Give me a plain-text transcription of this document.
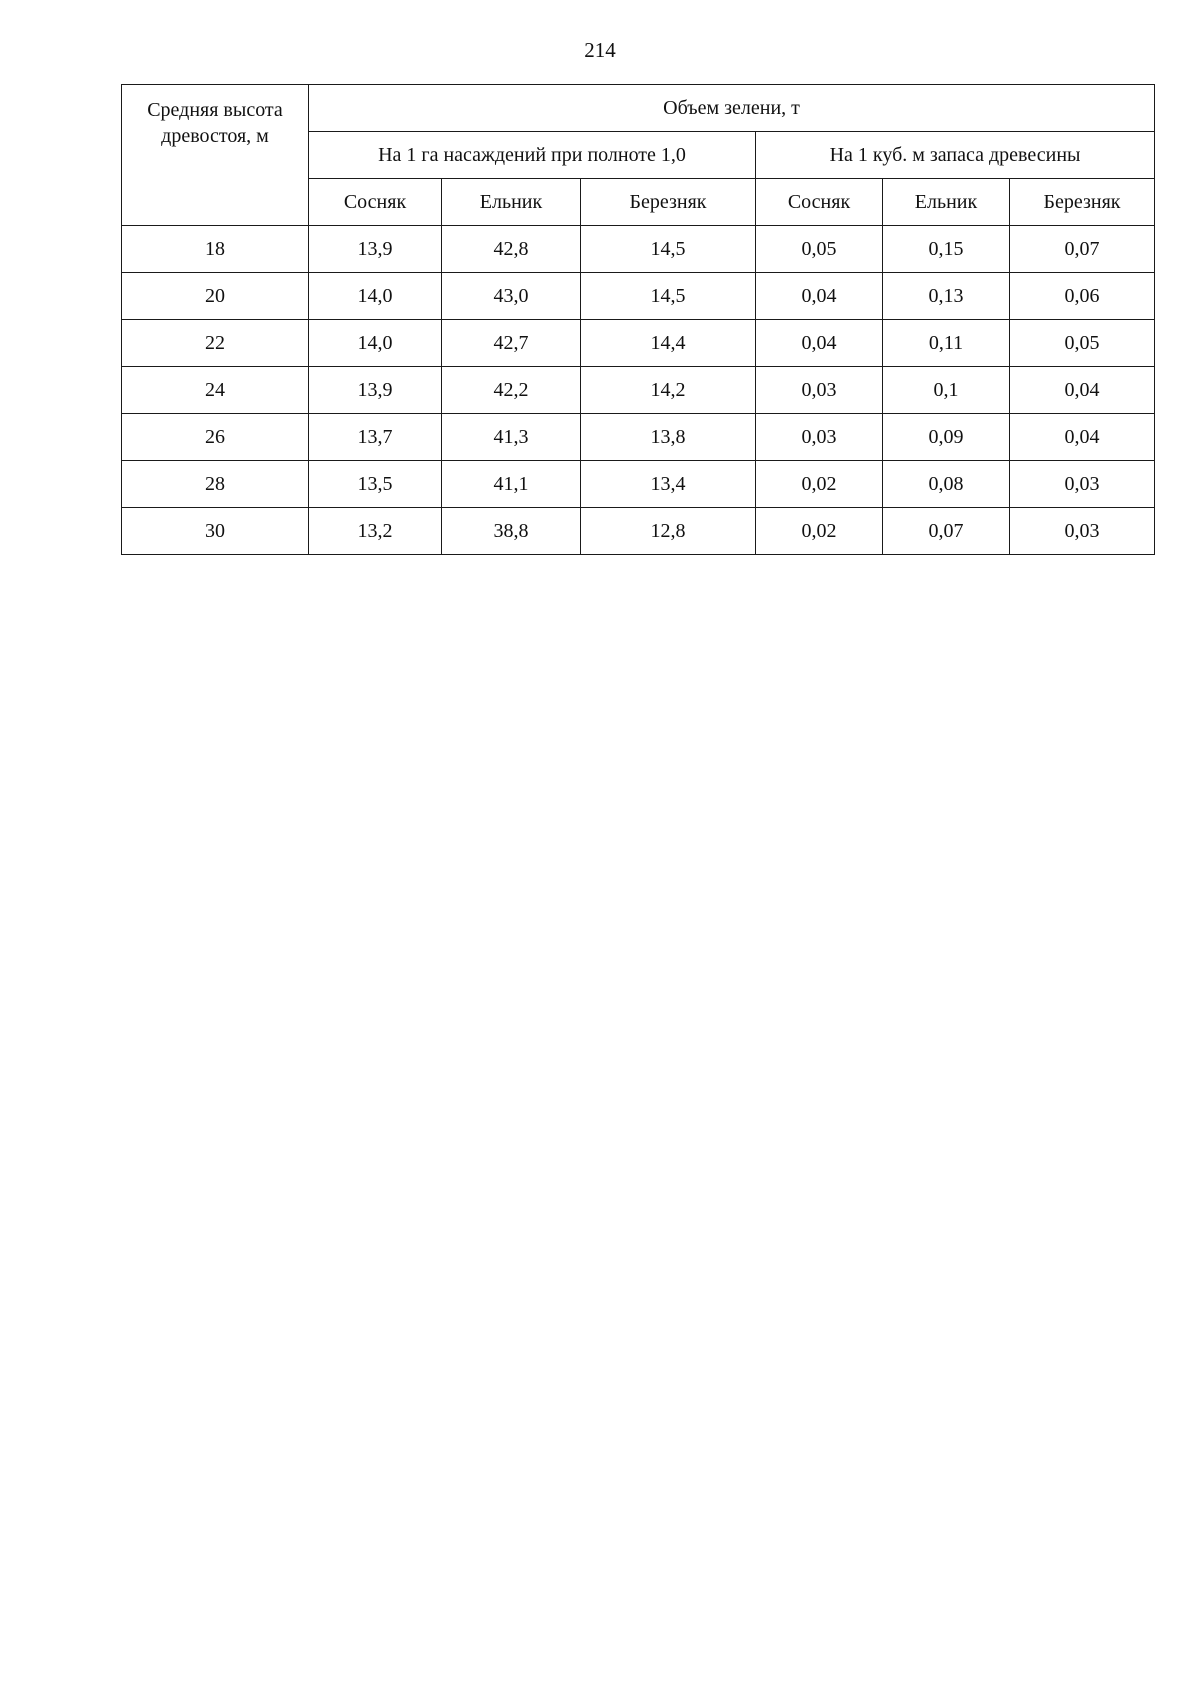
214
Средняя высота древостоя, м	Объем зелени, т					
	На 1 га насаждений при полноте 1,0			На 1 куб. м запаса древесины		
	Сосняк	Ельник	Березняк	Сосняк	Ельник	Березняк
18	13,9	42,8	14,5	0,05	0,15	0,07
20	14,0	43,0	14,5	0,04	0,13	0,06
22	14,0	42,7	14,4	0,04	0,11	0,05
24	13,9	42,2	14,2	0,03	0,1	0,04
26	13,7	41,3	13,8	0,03	0,09	0,04
28	13,5	41,1	13,4	0,02	0,08	0,03
30	13,2	38,8	12,8	0,02	0,07	0,03
